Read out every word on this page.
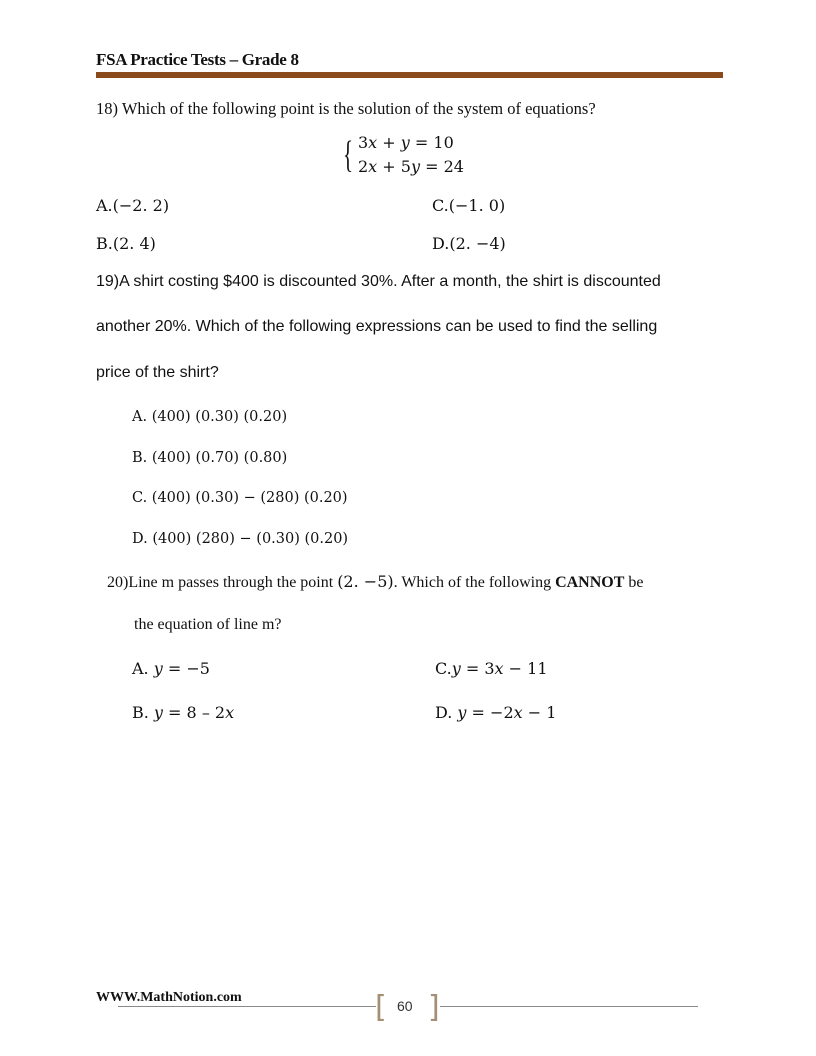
FSA Practice Tests – Grade 8
18) Which of the following point is the solution of the system of equations?
{ 3𝑥 + 𝑦 = 10
2𝑥 + 5𝑦 = 24
A.(−2. 2)	C.(−1. 0)
B.(2. 4)	D.(2. −4)
19)A shirt costing $400 is discounted 30%. After a month, the shirt is discounted
another 20%. Which of the following expressions can be used to find the selling
price of the shirt?
A. (400) (0.30) (0.20)
B. (400) (0.70) (0.80)
C. (400) (0.30) − (280) (0.20)
D. (400) (280) − (0.30) (0.20)
20)Line m passes through the point (2. −5). Which of the following CANNOT be
the equation of line m?
A. 𝑦 = −5	C.𝑦 = 3𝑥 − 11
B. 𝑦 = 8 – 2𝑥	D. 𝑦 = −2𝑥 − 1
WWW.MathNotion.com	[ ]
60
